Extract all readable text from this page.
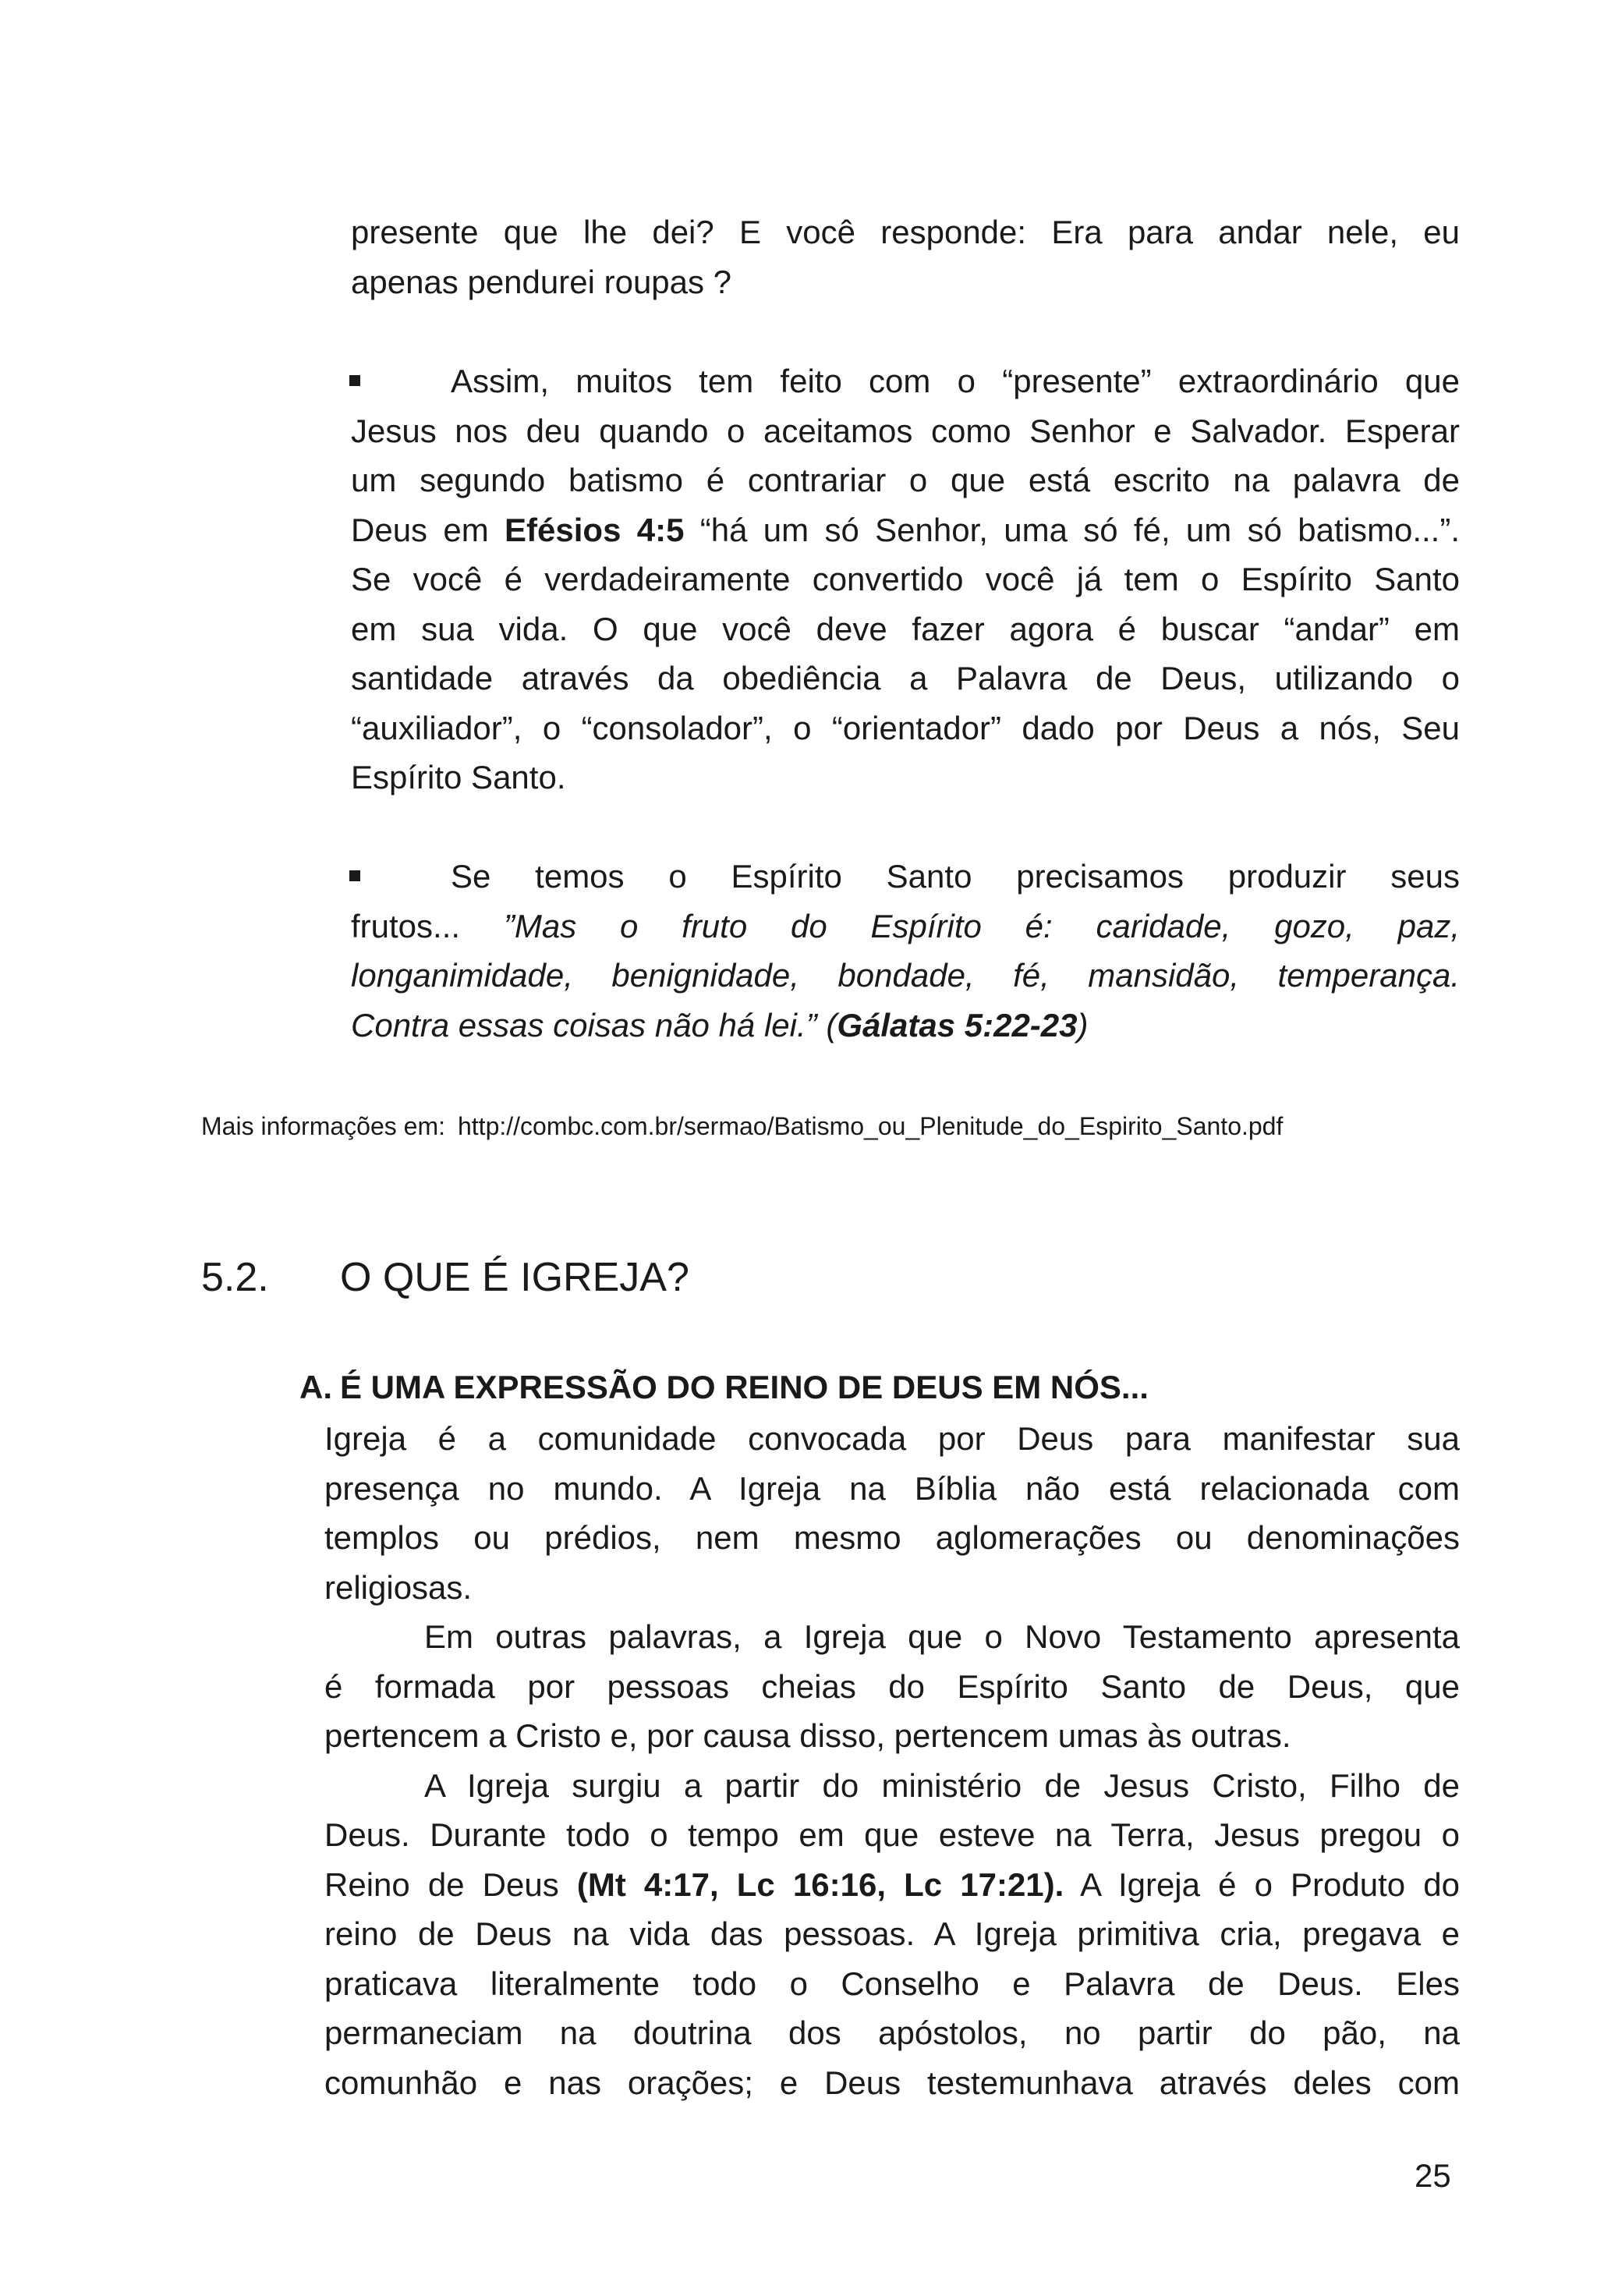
presente que lhe dei? E você responde: Era para andar nele, eu
apenas pendurei roupas ?
Assim, muitos tem feito com o “presente” extraordinário que
Jesus nos deu quando o aceitamos como Senhor e Salvador. Esperar
um segundo batismo é contrariar o que está escrito na palavra de
Deus em Efésios 4:5 “há um só Senhor, uma só fé, um só batismo...”.
Se você é verdadeiramente convertido você já tem o Espírito Santo
em sua vida. O que você deve fazer agora é buscar “andar” em
santidade através da obediência a Palavra de Deus, utilizando o
“auxiliador”, o “consolador”, o “orientador” dado por Deus a nós, Seu
Espírito Santo.
Se temos o Espírito Santo precisamos produzir seus
frutos... ”Mas o fruto do Espírito é: caridade, gozo, paz,
longanimidade, benignidade, bondade, fé, mansidão, temperança.
Contra essas coisas não há lei.” (Gálatas 5:22-23)
Mais informações em: http://combc.com.br/sermao/Batismo_ou_Plenitude_do_Espirito_Santo.pdf
5.2. O QUE É IGREJA?
A. É UMA EXPRESSÃO DO REINO DE DEUS EM NÓS...
Igreja é a comunidade convocada por Deus para manifestar sua
presença no mundo. A Igreja na Bíblia não está relacionada com
templos ou prédios, nem mesmo aglomerações ou denominações
religiosas.
Em outras palavras, a Igreja que o Novo Testamento apresenta
é formada por pessoas cheias do Espírito Santo de Deus, que
pertencem a Cristo e, por causa disso, pertencem umas às outras.
A Igreja surgiu a partir do ministério de Jesus Cristo, Filho de
Deus. Durante todo o tempo em que esteve na Terra, Jesus pregou o
Reino de Deus (Mt 4:17, Lc 16:16, Lc 17:21). A Igreja é o Produto do
reino de Deus na vida das pessoas. A Igreja primitiva cria, pregava e
praticava literalmente todo o Conselho e Palavra de Deus. Eles
permaneciam na doutrina dos apóstolos, no partir do pão, na
comunhão e nas orações; e Deus testemunhava através deles com
25
